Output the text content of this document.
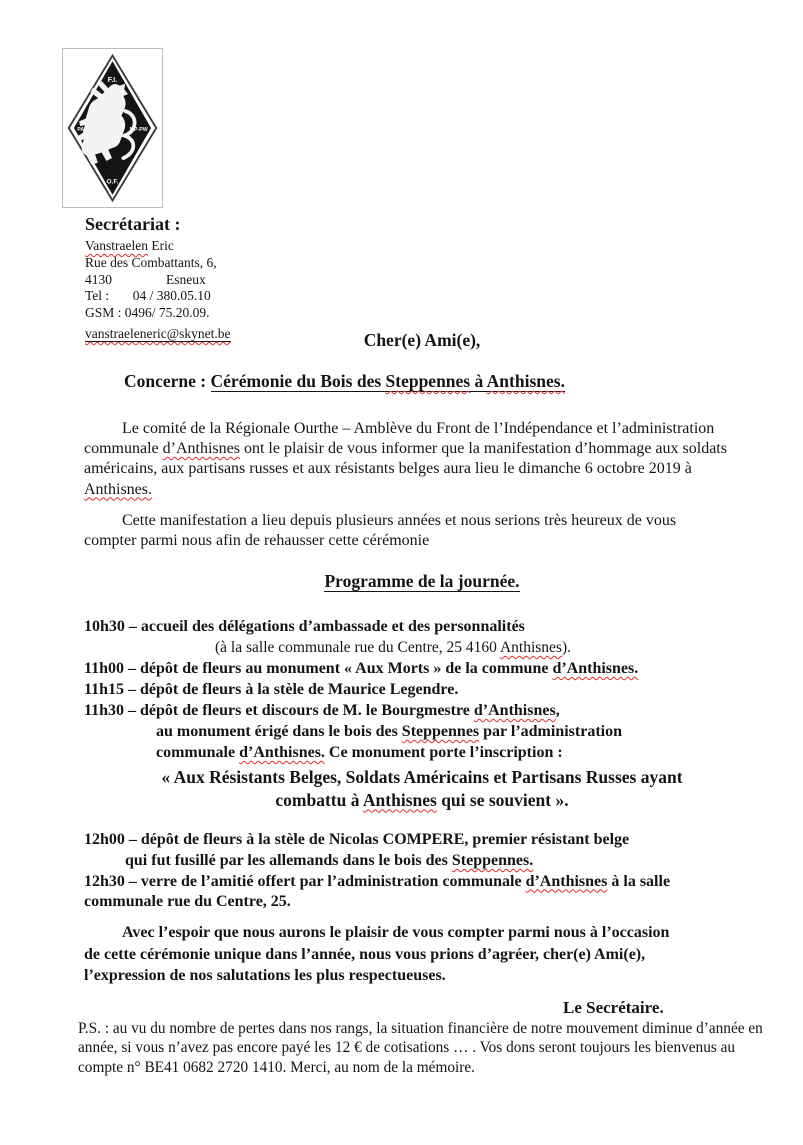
F.I.
PA-PL	MP-PW
O.F.
Secrétariat :
Vanstraelen Eric
Rue des Combattants, 6,
4130                Esneux
Tel :       04 / 380.05.10
GSM : 0496/ 75.20.09.
vanstraeleneric@skynet.be	Cher(e) Ami(e),
Concerne : Cérémonie du Bois des Steppennes à Anthisnes.
Le comité de la Régionale Ourthe – Amblève du Front de l’Indépendance et l’administration
communale d’Anthisnes ont le plaisir de vous informer que la manifestation d’hommage aux soldats
américains, aux partisans russes et aux résistants belges aura lieu le dimanche 6 octobre 2019 à
Anthisnes.
Cette manifestation a lieu depuis plusieurs années et nous serions très heureux de vous
compter parmi nous afin de rehausser cette cérémonie
Programme de la journée.
10h30 – accueil des délégations d’ambassade et des personnalités
(à la salle communale rue du Centre, 25 4160 Anthisnes).
11h00 – dépôt de fleurs au monument « Aux Morts » de la commune d’Anthisnes.
11h15 – dépôt de fleurs à la stèle de Maurice Legendre.
11h30 – dépôt de fleurs et discours de M. le Bourgmestre d’Anthisnes,
au monument érigé dans le bois des Steppennes par l’administration
communale d’Anthisnes. Ce monument porte l’inscription :
« Aux Résistants Belges, Soldats Américains et Partisans Russes ayant
combattu à Anthisnes qui se souvient ».
12h00 – dépôt de fleurs à la stèle de Nicolas COMPERE, premier résistant belge
qui fut fusillé par les allemands dans le bois des Steppennes.
12h30 – verre de l’amitié offert par l’administration communale d’Anthisnes à la salle
communale rue du Centre, 25.
Avec l’espoir que nous aurons le plaisir de vous compter parmi nous à l’occasion
de cette cérémonie unique dans l’année, nous vous prions d’agréer, cher(e) Ami(e),
l’expression de nos salutations les plus respectueuses.
Le Secrétaire.
P.S. : au vu du nombre de pertes dans nos rangs, la situation financière de notre mouvement diminue d’année en
année, si vous n’avez pas encore payé les 12 € de cotisations … . Vos dons seront toujours les bienvenus au
compte n° BE41 0682 2720 1410. Merci, au nom de la mémoire.
